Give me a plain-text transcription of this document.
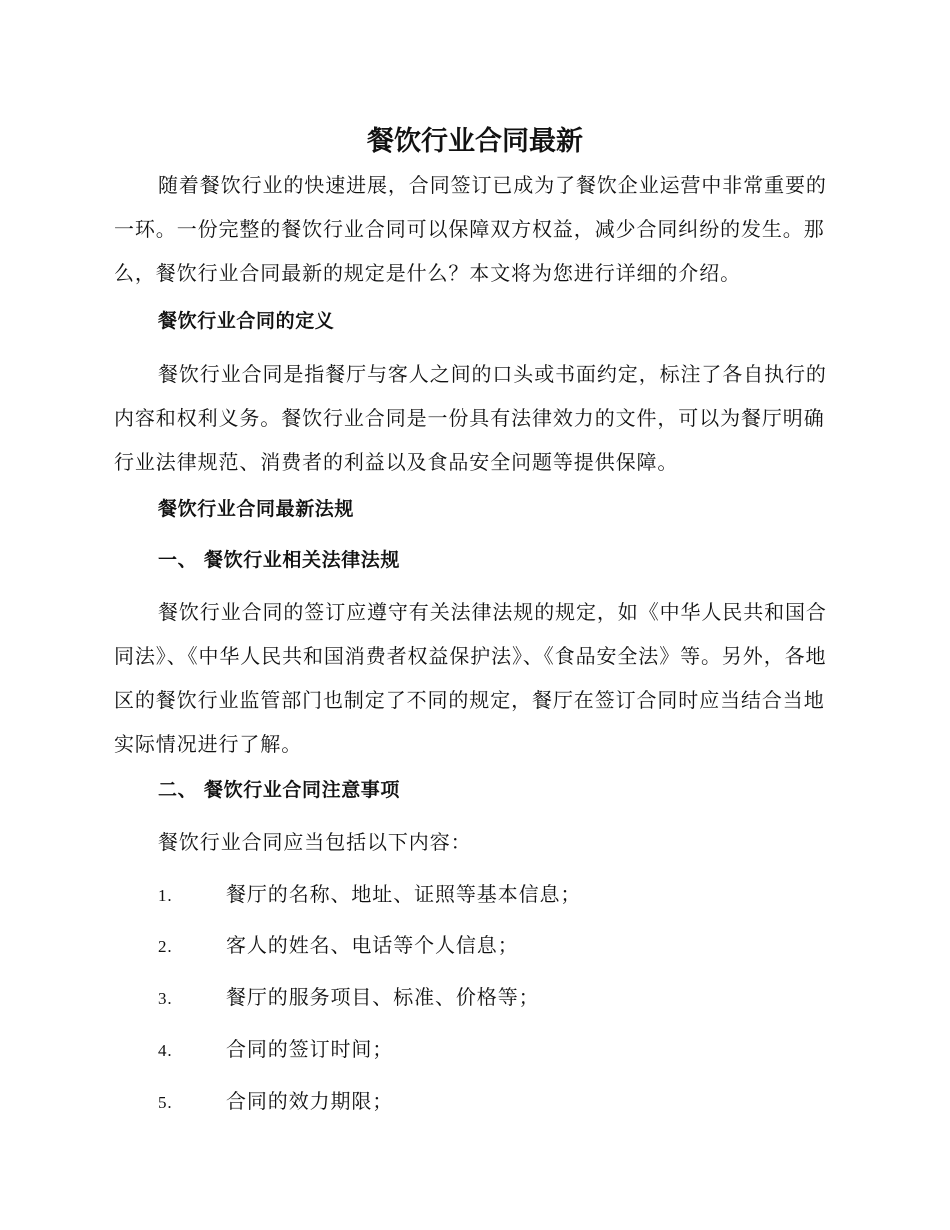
餐饮行业合同最新

随着餐饮行业的快速进展，合同签订已成为了餐饮企业运营中非常重要的一环。一份完整的餐饮行业合同可以保障双方权益，减少合同纠纷的发生。那么，餐饮行业合同最新的规定是什么？本文将为您进行详细的介绍。

餐饮行业合同的定义

餐饮行业合同是指餐厅与客人之间的口头或书面约定，标注了各自执行的内容和权利义务。餐饮行业合同是一份具有法律效力的文件，可以为餐厅明确行业法律规范、消费者的利益以及食品安全问题等提供保障。

餐饮行业合同最新法规
一、 餐饮行业相关法律法规

餐饮行业合同的签订应遵守有关法律法规的规定，如《中华人民共和国合同法》、《中华人民共和国消费者权益保护法》、《食品安全法》等。另外，各地区的餐饮行业监管部门也制定了不同的规定，餐厅在签订合同时应当结合当地实际情况进行了解。

二、 餐饮行业合同注意事项

餐饮行业合同应当包括以下内容：

1.	餐厅的名称、地址、证照等基本信息；

2.	客人的姓名、电话等个人信息；

3.	餐厅的服务项目、标准、价格等；

4.	合同的签订时间；

5.	合同的效力期限；
